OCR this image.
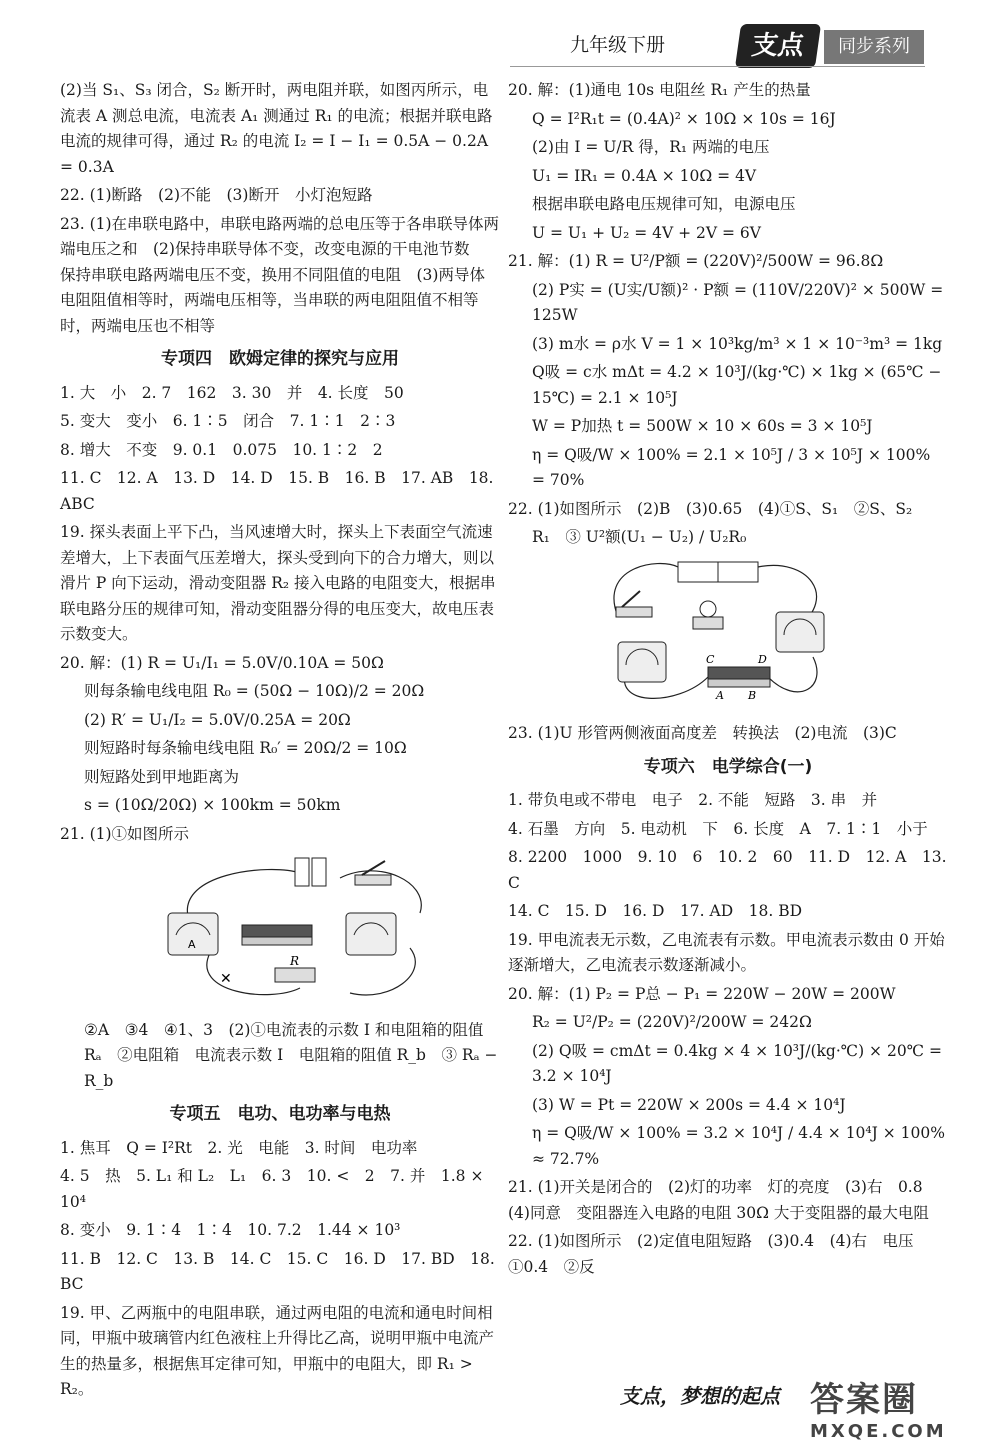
九年级下册	支点	同步系列
(2)当 S₁、S₃ 闭合，S₂ 断开时，两电阻并联，如图丙所示，电流表 A 测总电流，电流表 A₁ 测通过 R₁ 的电流；根据并联电路电流的规律可得，通过 R₂ 的电流 I₂ = I − I₁ = 0.5A − 0.2A = 0.3A
22. (1)断路　(2)不能　(3)断开　小灯泡短路
23. (1)在串联电路中，串联电路两端的总电压等于各串联导体两端电压之和　(2)保持串联导体不变，改变电源的干电池节数　保持串联电路两端电压不变，换用不同阻值的电阻　(3)两导体电阻阻值相等时，两端电压相等，当串联的两电阻阻值不相等时，两端电压也不相等
专项四　欧姆定律的探究与应用
1. 大　小　2. 7　162　3. 30　并　4. 长度　50
5. 变大　变小　6. 1∶5　闭合　7. 1∶1　2∶3
8. 增大　不变　9. 0.1　0.075　10. 1∶2　2
11. C　12. A　13. D　14. D　15. B　16. B　17. AB　18. ABC
19. 探头表面上平下凸，当风速增大时，探头上下表面空气流速差增大，上下表面气压差增大，探头受到向下的合力增大，则以滑片 P 向下运动，滑动变阻器 R₂ 接入电路的电阻变大，根据串联电路分压的规律可知，滑动变阻器分得的电压变大，故电压表示数变大。
20. 解：(1) R = U₁/I₁ = 5.0V/0.10A = 50Ω
则每条输电线电阻 R₀ = (50Ω − 10Ω)/2 = 20Ω
(2) R′ = U₁/I₂ = 5.0V/0.25A = 20Ω
则短路时每条输电线电阻 R₀′ = 20Ω/2 = 10Ω
则短路处到甲地距离为
s = (10Ω/20Ω) × 100km = 50km
21. (1)①如图所示
A
R
✕
②A　③4　④1、3　(2)①电流表的示数 I 和电阻箱的阻值 Rₐ　②电阻箱　电流表示数 I　电阻箱的阻值 R_b　③ Rₐ − R_b
专项五　电功、电功率与电热
1. 焦耳　Q = I²Rt　2. 光　电能　3. 时间　电功率
4. 5　热　5. L₁ 和 L₂　L₁　6. 3　10. <　2　7. 并　1.8 × 10⁴
8. 变小　9. 1∶4　1∶4　10. 7.2　1.44 × 10³
11. B　12. C　13. B　14. C　15. C　16. D　17. BD　18. BC
19. 甲、乙两瓶中的电阻串联，通过两电阻的电流和通电时间相同，甲瓶中玻璃管内红色液柱上升得比乙高，说明甲瓶中电流产生的热量多，根据焦耳定律可知，甲瓶中的电阻大，即 R₁ > R₂。
20. 解：(1)通电 10s 电阻丝 R₁ 产生的热量
Q = I²R₁t = (0.4A)² × 10Ω × 10s = 16J
(2)由 I = U/R 得，R₁ 两端的电压
U₁ = IR₁ = 0.4A × 10Ω = 4V
根据串联电路电压规律可知，电源电压
U = U₁ + U₂ = 4V + 2V = 6V
21. 解：(1) R = U²/P额 = (220V)²/500W = 96.8Ω
(2) P实 = (U实/U额)² · P额 = (110V/220V)² × 500W = 125W
(3) m水 = ρ水 V = 1 × 10³kg/m³ × 1 × 10⁻³m³ = 1kg
Q吸 = c水 mΔt = 4.2 × 10³J/(kg·℃) × 1kg × (65℃ − 15℃) = 2.1 × 10⁵J
W = P加热 t = 500W × 10 × 60s = 3 × 10⁵J
η = Q吸/W × 100% = 2.1 × 10⁵J / 3 × 10⁵J × 100% = 70%
22. (1)如图所示　(2)B　(3)0.65　(4)①S、S₁　②S、S₂
R₁　③ U²额(U₁ − U₂) / U₂R₀
C	D
A B
23. (1)U 形管两侧液面高度差　转换法　(2)电流　(3)C
专项六　电学综合(一)
1. 带负电或不带电　电子　2. 不能　短路　3. 串　并
4. 石墨　方向　5. 电动机　下　6. 长度　A　7. 1∶1　小于
8. 2200　1000　9. 10　6　10. 2　60　11. D　12. A　13. C
14. C　15. D　16. D　17. AD　18. BD
19. 甲电流表无示数，乙电流表有示数。甲电流表示数由 0 开始逐渐增大，乙电流表示数逐渐减小。
20. 解：(1) P₂ = P总 − P₁ = 220W − 20W = 200W
R₂ = U²/P₂ = (220V)²/200W = 242Ω
(2) Q吸 = cmΔt = 0.4kg × 4 × 10³J/(kg·℃) × 20℃ = 3.2 × 10⁴J
(3) W = Pt = 220W × 200s = 4.4 × 10⁴J
η = Q吸/W × 100% = 3.2 × 10⁴J / 4.4 × 10⁴J × 100% ≈ 72.7%
21. (1)开关是闭合的　(2)灯的功率　灯的亮度　(3)右　0.8　(4)同意　变阻器连入电路的电阻 30Ω 大于变阻器的最大电阻
22. (1)如图所示　(2)定值电阻短路　(3)0.4　(4)右　电压　①0.4　②反
支点，梦想的起点 答案圈
MXQE.COM
